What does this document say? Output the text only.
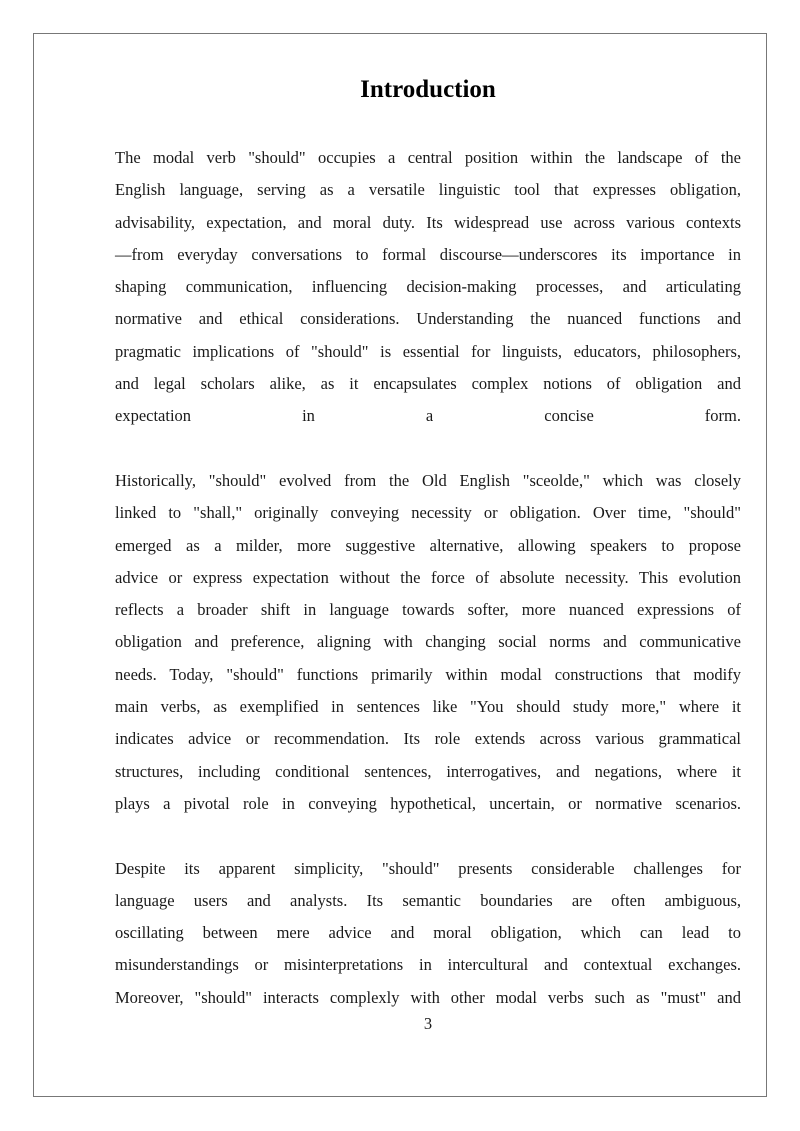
Introduction
The modal verb "should" occupies a central position within the landscape of the
English language, serving as a versatile linguistic tool that expresses obligation,
advisability, expectation, and moral duty. Its widespread use across various contexts
—from everyday conversations to formal discourse—underscores its importance in
shaping communication, influencing decision-making processes, and articulating
normative and ethical considerations. Understanding the nuanced functions and
pragmatic implications of "should" is essential for linguists, educators, philosophers,
and legal scholars alike, as it encapsulates complex notions of obligation and
expectation in a concise form.
Historically, "should" evolved from the Old English "sceolde," which was closely
linked to "shall," originally conveying necessity or obligation. Over time, "should"
emerged as a milder, more suggestive alternative, allowing speakers to propose
advice or express expectation without the force of absolute necessity. This evolution
reflects a broader shift in language towards softer, more nuanced expressions of
obligation and preference, aligning with changing social norms and communicative
needs. Today, "should" functions primarily within modal constructions that modify
main verbs, as exemplified in sentences like "You should study more," where it
indicates advice or recommendation. Its role extends across various grammatical
structures, including conditional sentences, interrogatives, and negations, where it
plays a pivotal role in conveying hypothetical, uncertain, or normative scenarios.
Despite its apparent simplicity, "should" presents considerable challenges for
language users and analysts. Its semantic boundaries are often ambiguous,
oscillating between mere advice and moral obligation, which can lead to
misunderstandings or misinterpretations in intercultural and contextual exchanges.
Moreover, "should" interacts complexly with other modal verbs such as "must" and
3
